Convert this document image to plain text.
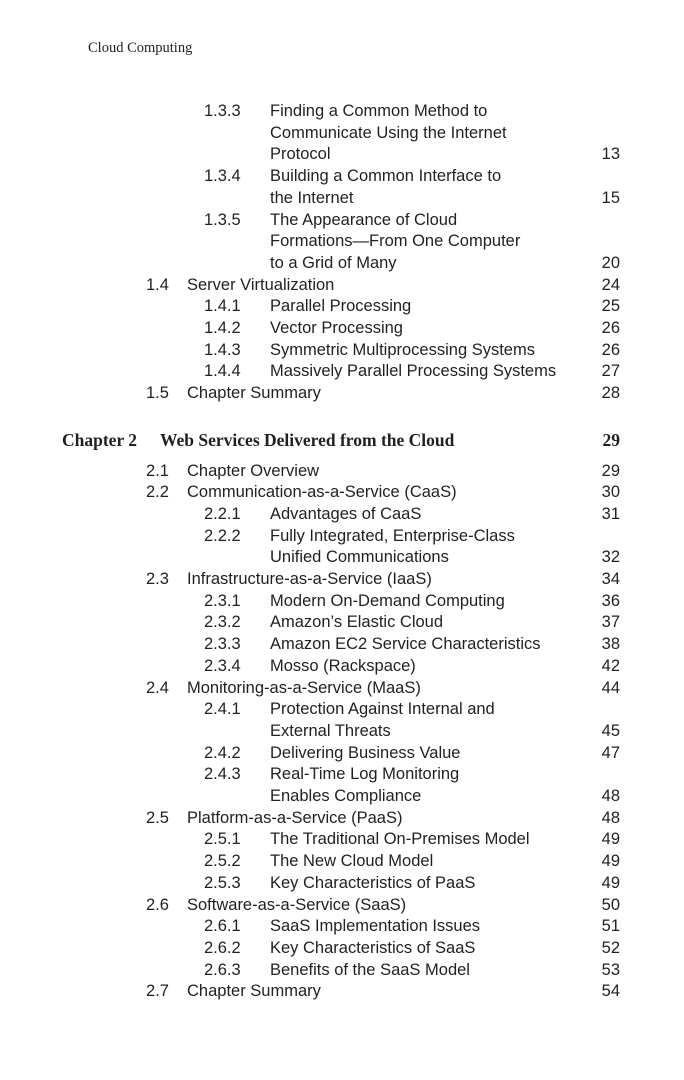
Cloud Computing
1.3.3 Finding a Common Method to
Communicate Using the Internet
Protocol	13
1.3.4 Building a Common Interface to
the Internet	15
1.3.5 The Appearance of Cloud
Formations—From One Computer
to a Grid of Many	20
1.4 Server Virtualization	24
1.4.1 Parallel Processing	25
1.4.2 Vector Processing	26
1.4.3 Symmetric Multiprocessing Systems	26
1.4.4 Massively Parallel Processing Systems	27
1.5 Chapter Summary	28
Chapter 2 Web Services Delivered from the Cloud	29
2.1 Chapter Overview	29
2.2 Communication-as-a-Service (CaaS)	30
2.2.1 Advantages of CaaS	31
2.2.2 Fully Integrated, Enterprise-Class
Unified Communications	32
2.3 Infrastructure-as-a-Service (IaaS)	34
2.3.1 Modern On-Demand Computing	36
2.3.2 Amazon’s Elastic Cloud	37
2.3.3 Amazon EC2 Service Characteristics	38
2.3.4 Mosso (Rackspace)	42
2.4 Monitoring-as-a-Service (MaaS)	44
2.4.1 Protection Against Internal and
External Threats	45
2.4.2 Delivering Business Value	47
2.4.3 Real-Time Log Monitoring
Enables Compliance	48
2.5 Platform-as-a-Service (PaaS)	48
2.5.1 The Traditional On-Premises Model	49
2.5.2 The New Cloud Model	49
2.5.3 Key Characteristics of PaaS	49
2.6 Software-as-a-Service (SaaS)	50
2.6.1 SaaS Implementation Issues	51
2.6.2 Key Characteristics of SaaS	52
2.6.3 Benefits of the SaaS Model	53
2.7 Chapter Summary	54
